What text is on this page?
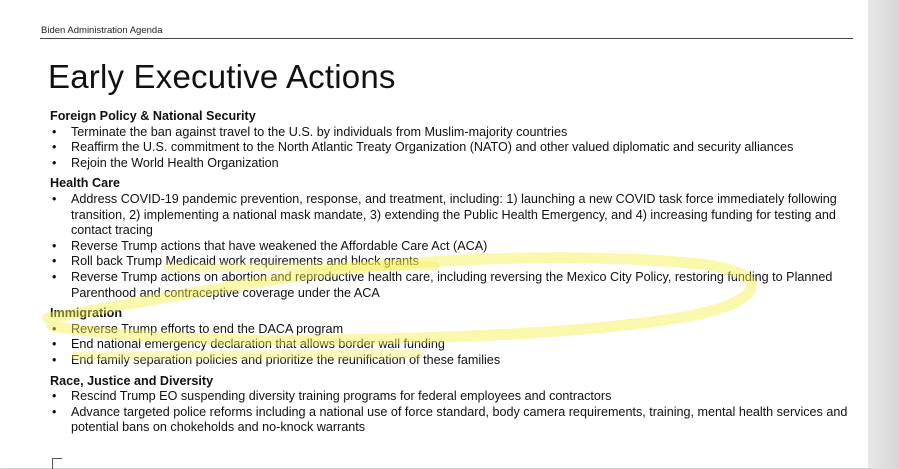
Biden Administration Agenda
Early Executive Actions
Foreign Policy & National Security
• Terminate the ban against travel to the U.S. by individuals from Muslim-majority countries
• Reaffirm the U.S. commitment to the North Atlantic Treaty Organization (NATO) and other valued diplomatic and security alliances
• Rejoin the World Health Organization
Health Care
• Address COVID-19 pandemic prevention, response, and treatment, including: 1) launching a new COVID task force immediately following transition, 2) implementing a national mask mandate, 3) extending the Public Health Emergency, and 4) increasing funding for testing and contact tracing
• Reverse Trump actions that have weakened the Affordable Care Act (ACA)
• Roll back Trump Medicaid work requirements and block grants
• Reverse Trump actions on abortion and reproductive health care, including reversing the Mexico City Policy, restoring funding to Planned Parenthood and contraceptive coverage under the ACA
Immigration
• Reverse Trump efforts to end the DACA program
• End national emergency declaration that allows border wall funding
• End family separation policies and prioritize the reunification of these families
Race, Justice and Diversity
• Rescind Trump EO suspending diversity training programs for federal employees and contractors
• Advance targeted police reforms including a national use of force standard, body camera requirements, training, mental health services and potential bans on chokeholds and no-knock warrants
